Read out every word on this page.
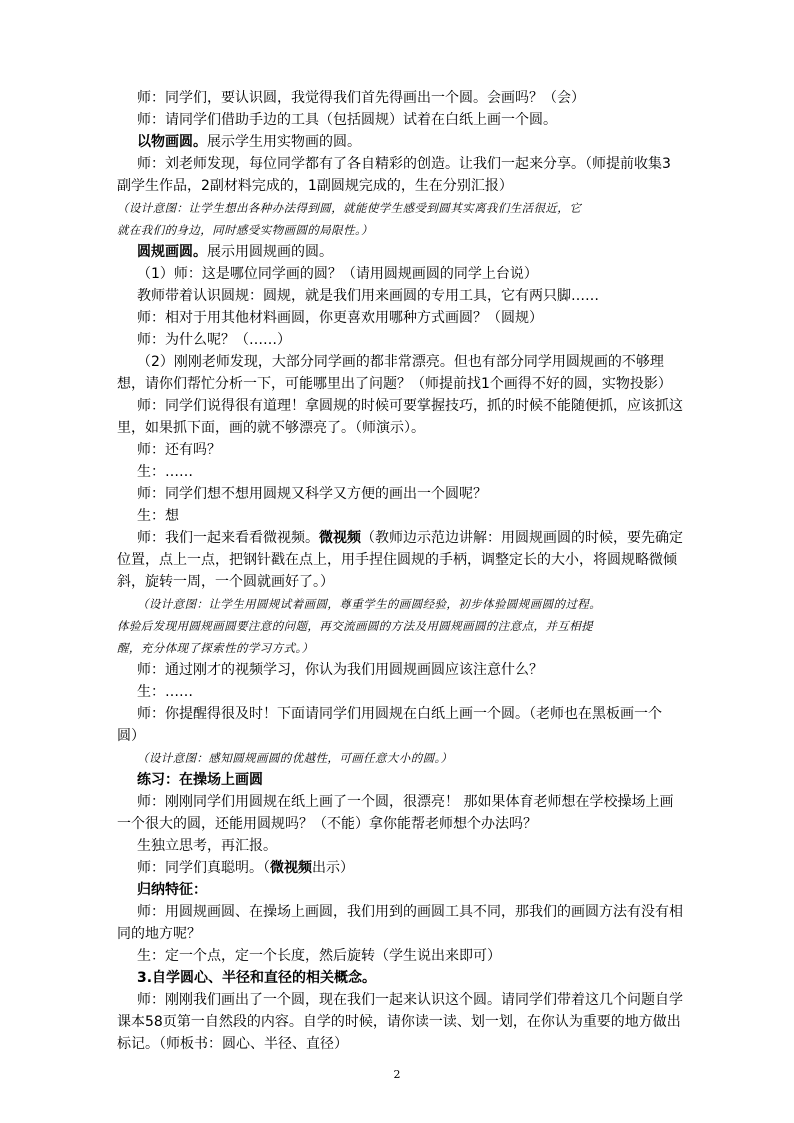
师：同学们，要认识圆，我觉得我们首先得画出一个圆。会画吗？（会）
师：请同学们借助手边的工具（包括圆规）试着在白纸上画一个圆。
以物画圆。展示学生用实物画的圆。
师：刘老师发现，每位同学都有了各自精彩的创造。让我们一起来分享。（师提前收集3
副学生作品，2副材料完成的，1副圆规完成的，生在分别汇报）
（设计意图：让学生想出各种办法得到圆，就能使学生感受到圆其实离我们生活很近，它
就在我们的身边，同时感受实物画圆的局限性。）
圆规画圆。展示用圆规画的圆。
（1）师：这是哪位同学画的圆？（请用圆规画圆的同学上台说）
教师带着认识圆规：圆规，就是我们用来画圆的专用工具，它有两只脚……
师：相对于用其他材料画圆，你更喜欢用哪种方式画圆？（圆规）
师：为什么呢？（……）
（2）刚刚老师发现，大部分同学画的都非常漂亮。但也有部分同学用圆规画的不够理
想，请你们帮忙分析一下，可能哪里出了问题？（师提前找1个画得不好的圆，实物投影）
师：同学们说得很有道理！拿圆规的时候可要掌握技巧，抓的时候不能随便抓，应该抓这
里，如果抓下面，画的就不够漂亮了。（师演示）。
师：还有吗？
生：……
师：同学们想不想用圆规又科学又方便的画出一个圆呢？
生：想
师：我们一起来看看微视频。微视频（教师边示范边讲解：用圆规画圆的时候，要先确定
位置，点上一点，把钢针戳在点上，用手捏住圆规的手柄，调整定长的大小，将圆规略微倾
斜，旋转一周，一个圆就画好了。）
（设计意图：让学生用圆规试着画圆，尊重学生的画圆经验，初步体验圆规画圆的过程。
体验后发现用圆规画圆要注意的问题，再交流画圆的方法及用圆规画圆的注意点，并互相提
醒，充分体现了探索性的学习方式。）
师：通过刚才的视频学习，你认为我们用圆规画圆应该注意什么？
生：……
师：你提醒得很及时！下面请同学们用圆规在白纸上画一个圆。（老师也在黑板画一个
圆）
（设计意图：感知圆规画圆的优越性，可画任意大小的圆。）
练习：在操场上画圆
师：刚刚同学们用圆规在纸上画了一个圆，很漂亮！ 那如果体育老师想在学校操场上画
一个很大的圆，还能用圆规吗？（不能）拿你能帮老师想个办法吗？
生独立思考，再汇报。
师：同学们真聪明。（微视频出示）
归纳特征：
师：用圆规画圆、在操场上画圆，我们用到的画圆工具不同，那我们的画圆方法有没有相
同的地方呢？
生：定一个点，定一个长度，然后旋转（学生说出来即可）
3.自学圆心、半径和直径的相关概念。
师：刚刚我们画出了一个圆，现在我们一起来认识这个圆。请同学们带着这几个问题自学
课本58页第一自然段的内容。自学的时候，请你读一读、划一划，在你认为重要的地方做出
标记。（师板书：圆心、半径、直径）
2
